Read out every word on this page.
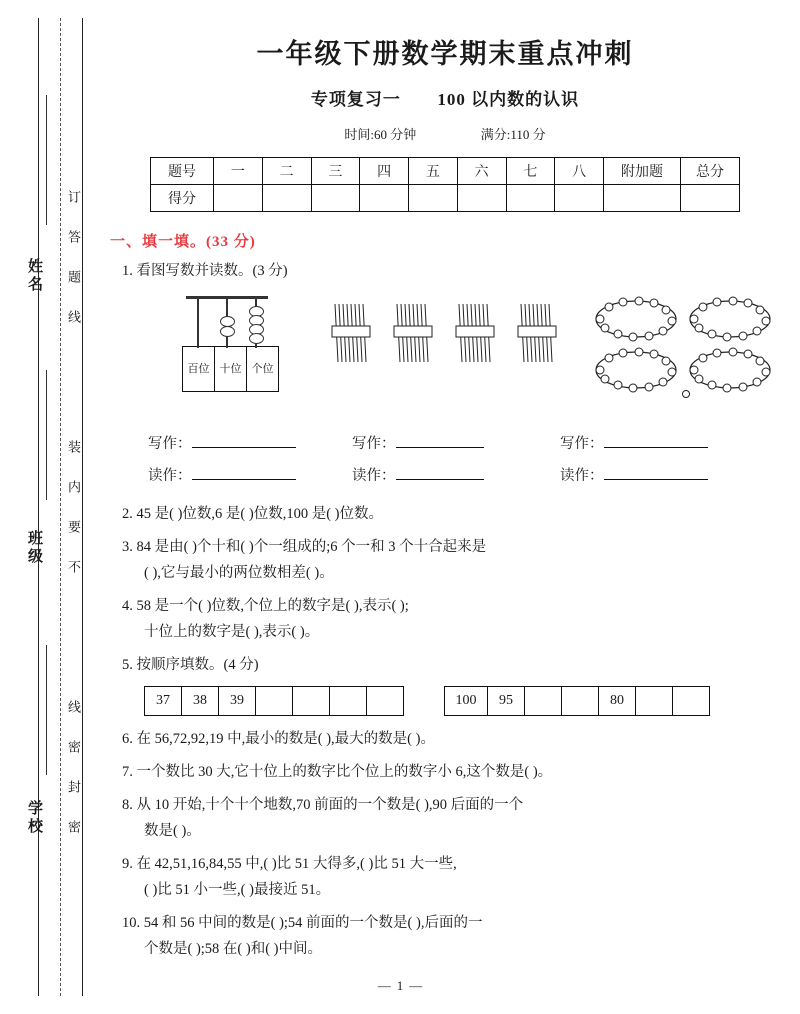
姓名
班级
学校
订 答 题 线
装 内 要 不
线 密 封 密
一年级下册数学期末重点冲刺
专项复习一 100 以内数的认识
时间:60 分钟	满分:110 分
题号	一	二	三	四	五	六	七	八	附加题	总分
得分										
一、填一填。(33 分)
1. 看图写数并读数。(3 分)
百位	十位	个位
写作：	写作：	写作：
读作：	读作：	读作：
2. 45 是( )位数,6 是( )位数,100 是( )位数。
3. 84 是由( )个十和( )个一组成的;6 个一和 3 个十合起来是
( ),它与最小的两位数相差( )。
4. 58 是一个( )位数,个位上的数字是( ),表示( );
十位上的数字是( ),表示( )。
5. 按顺序填数。(4 分)
37	38	39					100	95			80		
6. 在 56,72,92,19 中,最小的数是( ),最大的数是( )。
7. 一个数比 30 大,它十位上的数字比个位上的数字小 6,这个数是( )。
8. 从 10 开始,十个十个地数,70 前面的一个数是( ),90 后面的一个
数是( )。
9. 在 42,51,16,84,55 中,( )比 51 大得多,( )比 51 大一些,
( )比 51 小一些,( )最接近 51。
10. 54 和 56 中间的数是( );54 前面的一个数是( ),后面的一
个数是( );58 在( )和( )中间。
— 1 —
